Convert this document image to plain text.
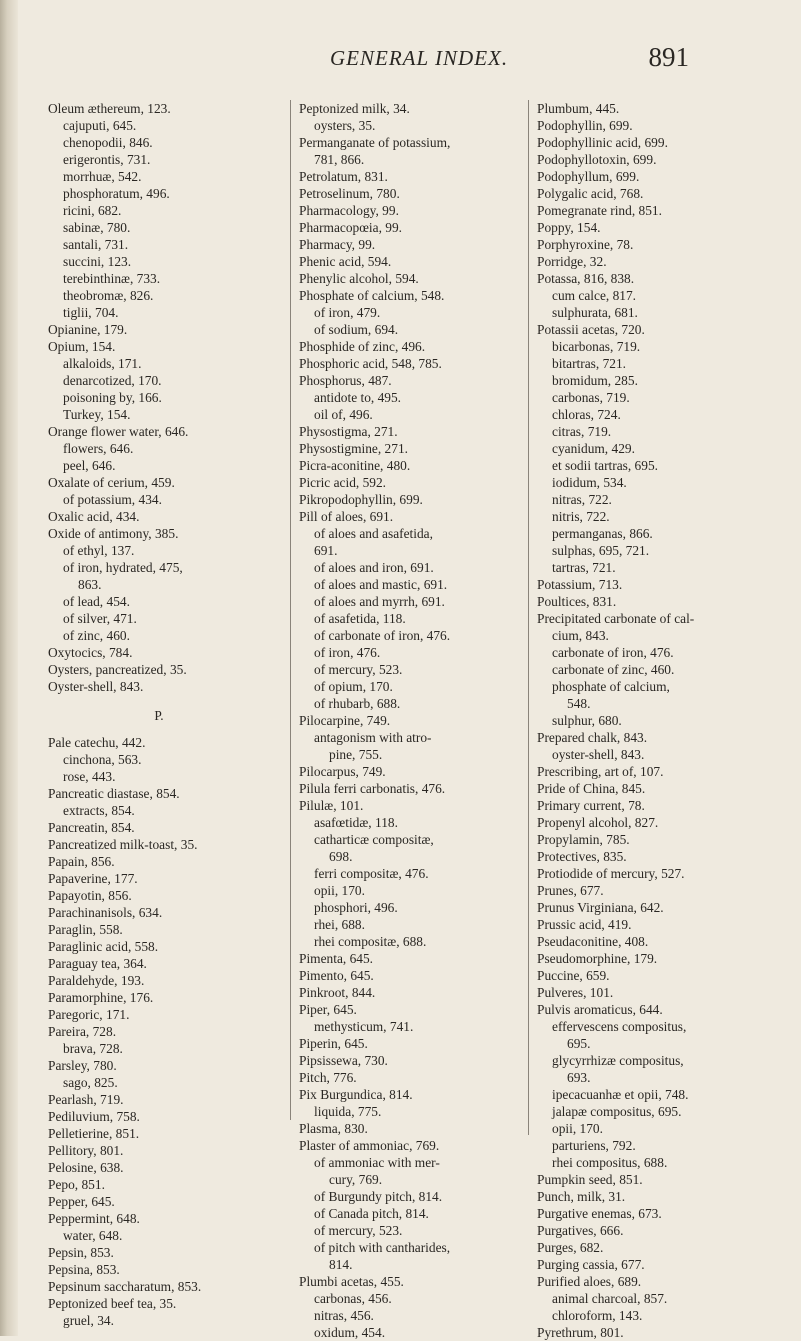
GENERAL INDEX.	891
Oleum ætherеum, 123.
cajuputi, 645.
chenopodii, 846.
erigerontis, 731.
morrhuæ, 542.
phosphoratum, 496.
ricini, 682.
sabinæ, 780.
santali, 731.
succini, 123.
terebinthinæ, 733.
theobromæ, 826.
tiglii, 704.
Opianine, 179.
Opium, 154.
alkaloids, 171.
denarcotized, 170.
poisoning by, 166.
Turkey, 154.
Orange flower water, 646.
flowers, 646.
peel, 646.
Oxalate of cerium, 459.
of potassium, 434.
Oxalic acid, 434.
Oxide of antimony, 385.
of ethyl, 137.
of iron, hydrated, 475,
863.
of lead, 454.
of silver, 471.
of zinc, 460.
Oxytocics, 784.
Oysters, pancreatized, 35.
Oyster-shell, 843.
P.
Pale catechu, 442.
cinchona, 563.
rose, 443.
Pancreatic diastase, 854.
extracts, 854.
Pancreatin, 854.
Pancreatized milk-toast, 35.
Papain, 856.
Papaverine, 177.
Papayotin, 856.
Parachinanisols, 634.
Paraglin, 558.
Paraglinic acid, 558.
Paraguay tea, 364.
Paraldehyde, 193.
Paramorphine, 176.
Paregoric, 171.
Pareira, 728.
brava, 728.
Parsley, 780.
sago, 825.
Pearlash, 719.
Pediluvium, 758.
Pelletierine, 851.
Pellitory, 801.
Pelosine, 638.
Pepo, 851.
Pepper, 645.
Peppermint, 648.
water, 648.
Pepsin, 853.
Pepsina, 853.
Pepsinum saccharatum, 853.
Peptonized beef tea, 35.
gruel, 34.
Peptonized milk, 34.
oysters, 35.
Permanganate of potassium,
781, 866.
Petrolatum, 831.
Petroselinum, 780.
Pharmacology, 99.
Pharmacopœia, 99.
Pharmacy, 99.
Phenic acid, 594.
Phenylic alcohol, 594.
Phosphate of calcium, 548.
of iron, 479.
of sodium, 694.
Phosphide of zinc, 496.
Phosphoric acid, 548, 785.
Phosphorus, 487.
antidote to, 495.
oil of, 496.
Physostigma, 271.
Physostigmine, 271.
Picra-aconitine, 480.
Picric acid, 592.
Pikropodophyllin, 699.
Pill of aloes, 691.
of aloes and asafetida,
691.
of aloes and iron, 691.
of aloes and mastic, 691.
of aloes and myrrh, 691.
of asafetida, 118.
of carbonate of iron, 476.
of iron, 476.
of mercury, 523.
of opium, 170.
of rhubarb, 688.
Pilocarpine, 749.
antagonism with atro-
pine, 755.
Pilocarpus, 749.
Pilula ferri carbonatis, 476.
Pilulæ, 101.
asafœtidæ, 118.
catharticæ compositæ,
698.
ferri compositæ, 476.
opii, 170.
phosphori, 496.
rhei, 688.
rhei compositæ, 688.
Pimenta, 645.
Pimento, 645.
Pinkroot, 844.
Piper, 645.
methysticum, 741.
Piperin, 645.
Pipsissewa, 730.
Pitch, 776.
Pix Burgundica, 814.
liquida, 775.
Plasma, 830.
Plaster of ammoniac, 769.
of ammoniac with mer-
cury, 769.
of Burgundy pitch, 814.
of Canada pitch, 814.
of mercury, 523.
of pitch with cantharides,
814.
Plumbi acetas, 455.
carbonas, 456.
nitras, 456.
oxidum, 454.
Plumbum, 445.
Podophyllin, 699.
Podophyllinic acid, 699.
Podophyllotoxin, 699.
Podophyllum, 699.
Polygalic acid, 768.
Pomegranate rind, 851.
Poppy, 154.
Porphyroxine, 78.
Porridge, 32.
Potassa, 816, 838.
cum calce, 817.
sulphurata, 681.
Potassii acetas, 720.
bicarbonas, 719.
bitartras, 721.
bromidum, 285.
carbonas, 719.
chloras, 724.
citras, 719.
cyanidum, 429.
et sodii tartras, 695.
iodidum, 534.
nitras, 722.
nitris, 722.
permanganas, 866.
sulphas, 695, 721.
tartras, 721.
Potassium, 713.
Poultices, 831.
Precipitated carbonate of cal-
cium, 843.
carbonate of iron, 476.
carbonate of zinc, 460.
phosphate of calcium,
548.
sulphur, 680.
Prepared chalk, 843.
oyster-shell, 843.
Prescribing, art of, 107.
Pride of China, 845.
Primary current, 78.
Propenyl alcohol, 827.
Propylamin, 785.
Protectives, 835.
Protiodide of mercury, 527.
Prunes, 677.
Prunus Virginiana, 642.
Prussic acid, 419.
Pseudaconitine, 408.
Pseudomorphine, 179.
Puccine, 659.
Pulveres, 101.
Pulvis aromaticus, 644.
effervescens compositus,
695.
glycyrrhizæ compositus,
693.
ipecacuanhæ et opii, 748.
jalapæ compositus, 695.
opii, 170.
parturiens, 792.
rhei compositus, 688.
Pumpkin seed, 851.
Punch, milk, 31.
Purgative enemas, 673.
Purgatives, 666.
Purges, 682.
Purging cassia, 677.
Purified aloes, 689.
animal charcoal, 857.
chloroform, 143.
Pyrethrum, 801.
